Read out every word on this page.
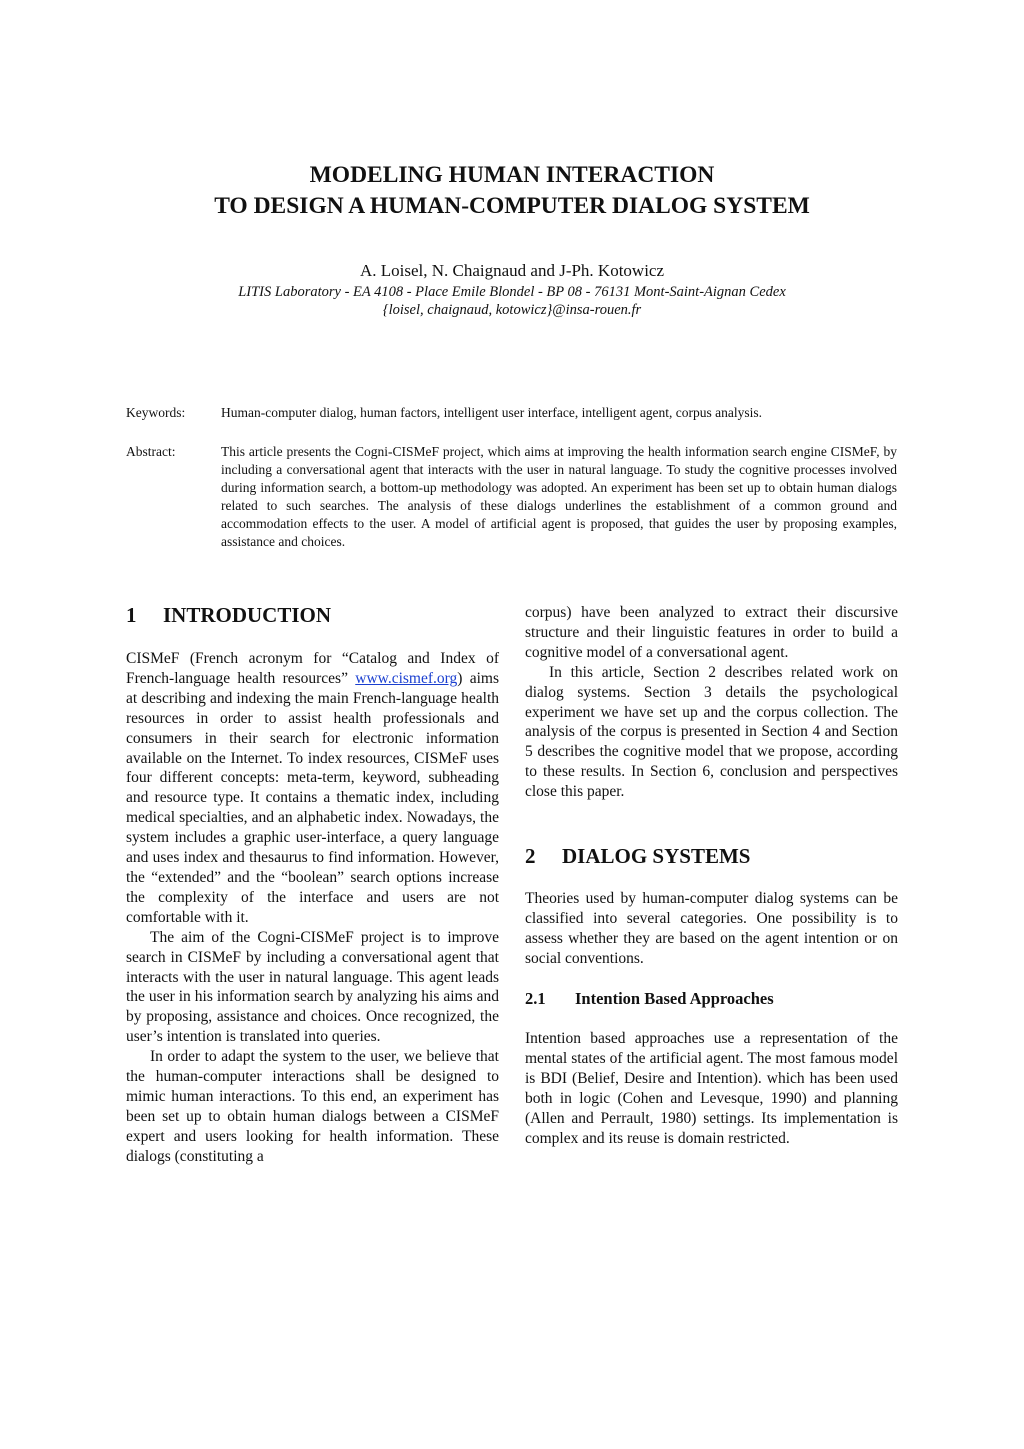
MODELING HUMAN INTERACTION
TO DESIGN A HUMAN-COMPUTER DIALOG SYSTEM
A. Loisel, N. Chaignaud and J-Ph. Kotowicz
LITIS Laboratory - EA 4108 - Place Emile Blondel - BP 08 - 76131 Mont-Saint-Aignan Cedex
{loisel, chaignaud, kotowicz}@insa-rouen.fr
Keywords:	Human-computer dialog, human factors, intelligent user interface, intelligent agent, corpus analysis.
Abstract:	This article presents the Cogni-CISMeF project, which aims at improving the health information search engine CISMeF, by including a conversational agent that interacts with the user in natural language. To study the cognitive processes involved during information search, a bottom-up methodology was adopted. An experiment has been set up to obtain human dialogs related to such searches. The analysis of these dialogs underlines the establishment of a common ground and accommodation effects to the user. A model of artificial agent is proposed, that guides the user by proposing examples, assistance and choices.
1 INTRODUCTION

CISMeF (French acronym for “Catalog and Index of French-language health resources” www.cismef.org) aims at describing and indexing the main French-language health resources in order to assist health professionals and consumers in their search for electronic information available on the Internet. To index resources, CISMeF uses four different concepts: meta-term, keyword, subheading and resource type. It contains a thematic index, including medical specialties, and an alphabetic index. Nowadays, the system includes a graphic user-interface, a query language and uses index and thesaurus to find information. However, the “extended” and the “boolean” search options increase the complexity of the interface and users are not comfortable with it.

The aim of the Cogni-CISMeF project is to improve search in CISMeF by including a conversational agent that interacts with the user in natural language. This agent leads the user in his information search by analyzing his aims and by proposing, assistance and choices. Once recognized, the user’s intention is translated into queries.

In order to adapt the system to the user, we believe that the human-computer interactions shall be designed to mimic human interactions. To this end, an experiment has been set up to obtain human dialogs between a CISMeF expert and users looking for health information. These dialogs (constituting a

corpus) have been analyzed to extract their discursive structure and their linguistic features in order to build a cognitive model of a conversational agent.

In this article, Section 2 describes related work on dialog systems. Section 3 details the psychological experiment we have set up and the corpus collection. The analysis of the corpus is presented in Section 4 and Section 5 describes the cognitive model that we propose, according to these results. In Section 6, conclusion and perspectives close this paper.

2 DIALOG SYSTEMS

Theories used by human-computer dialog systems can be classified into several categories. One possibility is to assess whether they are based on the agent intention or on social conventions.

2.1 Intention Based Approaches

Intention based approaches use a representation of the mental states of the artificial agent. The most famous model is BDI (Belief, Desire and Intention). which has been used both in logic (Cohen and Levesque, 1990) and planning (Allen and Perrault, 1980) settings. Its implementation is complex and its reuse is domain restricted.
